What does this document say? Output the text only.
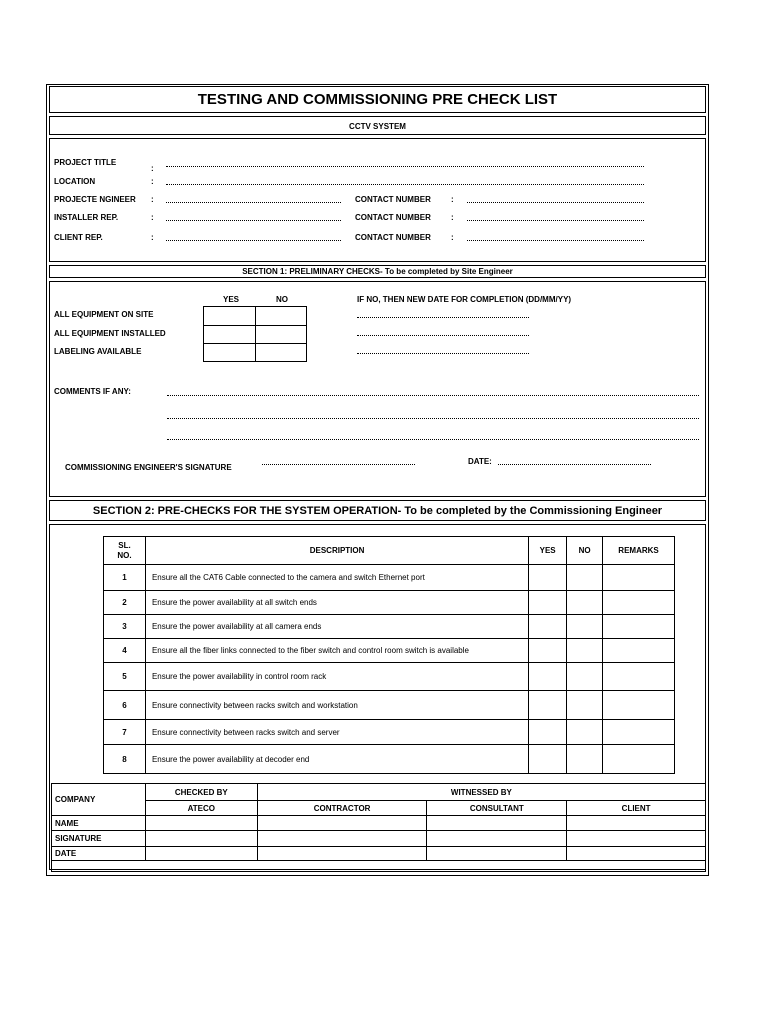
TESTING AND COMMISSIONING PRE CHECK LIST
CCTV SYSTEM
PROJECT TITLE
:
LOCATION	:
PROJECTE NGINEER :	CONTACT NUMBER	:
INSTALLER REP.	:	CONTACT NUMBER	:
CLIENT REP.	:	CONTACT NUMBER	:
SECTION 1: PRELIMINARY CHECKS- To be completed by Site Engineer
YES	NO	IF NO, THEN NEW DATE FOR COMPLETION (DD/MM/YY)
ALL EQUIPMENT ON SITE
ALL EQUIPMENT INSTALLED
LABELING AVAILABLE

COMMENTS IF ANY:
COMMISSIONING ENGINEER'S SIGNATURE
DATE:
SECTION 2: PRE-CHECKS FOR THE SYSTEM OPERATION- To be completed by the Commissioning Engineer
SL.
NO.	DESCRIPTION	YES	NO	REMARKS
1	Ensure all the CAT6 Cable connected to the camera and switch Ethernet port			
2	Ensure the power availability at all switch ends			
3	Ensure the power availability at all camera ends			
4	Ensure all the fiber links connected to the fiber switch and control room switch is available			
5	Ensure the power availability in control room rack			
6	Ensure connectivity between racks switch and workstation			
7	Ensure connectivity between racks switch and server			
8	Ensure the power availability at decoder end			
COMPANY	CHECKED BY	WITNESSED BY		
	ATECO	CONTRACTOR	CONSULTANT	CLIENT
NAME				
SIGNATURE				
DATE				
